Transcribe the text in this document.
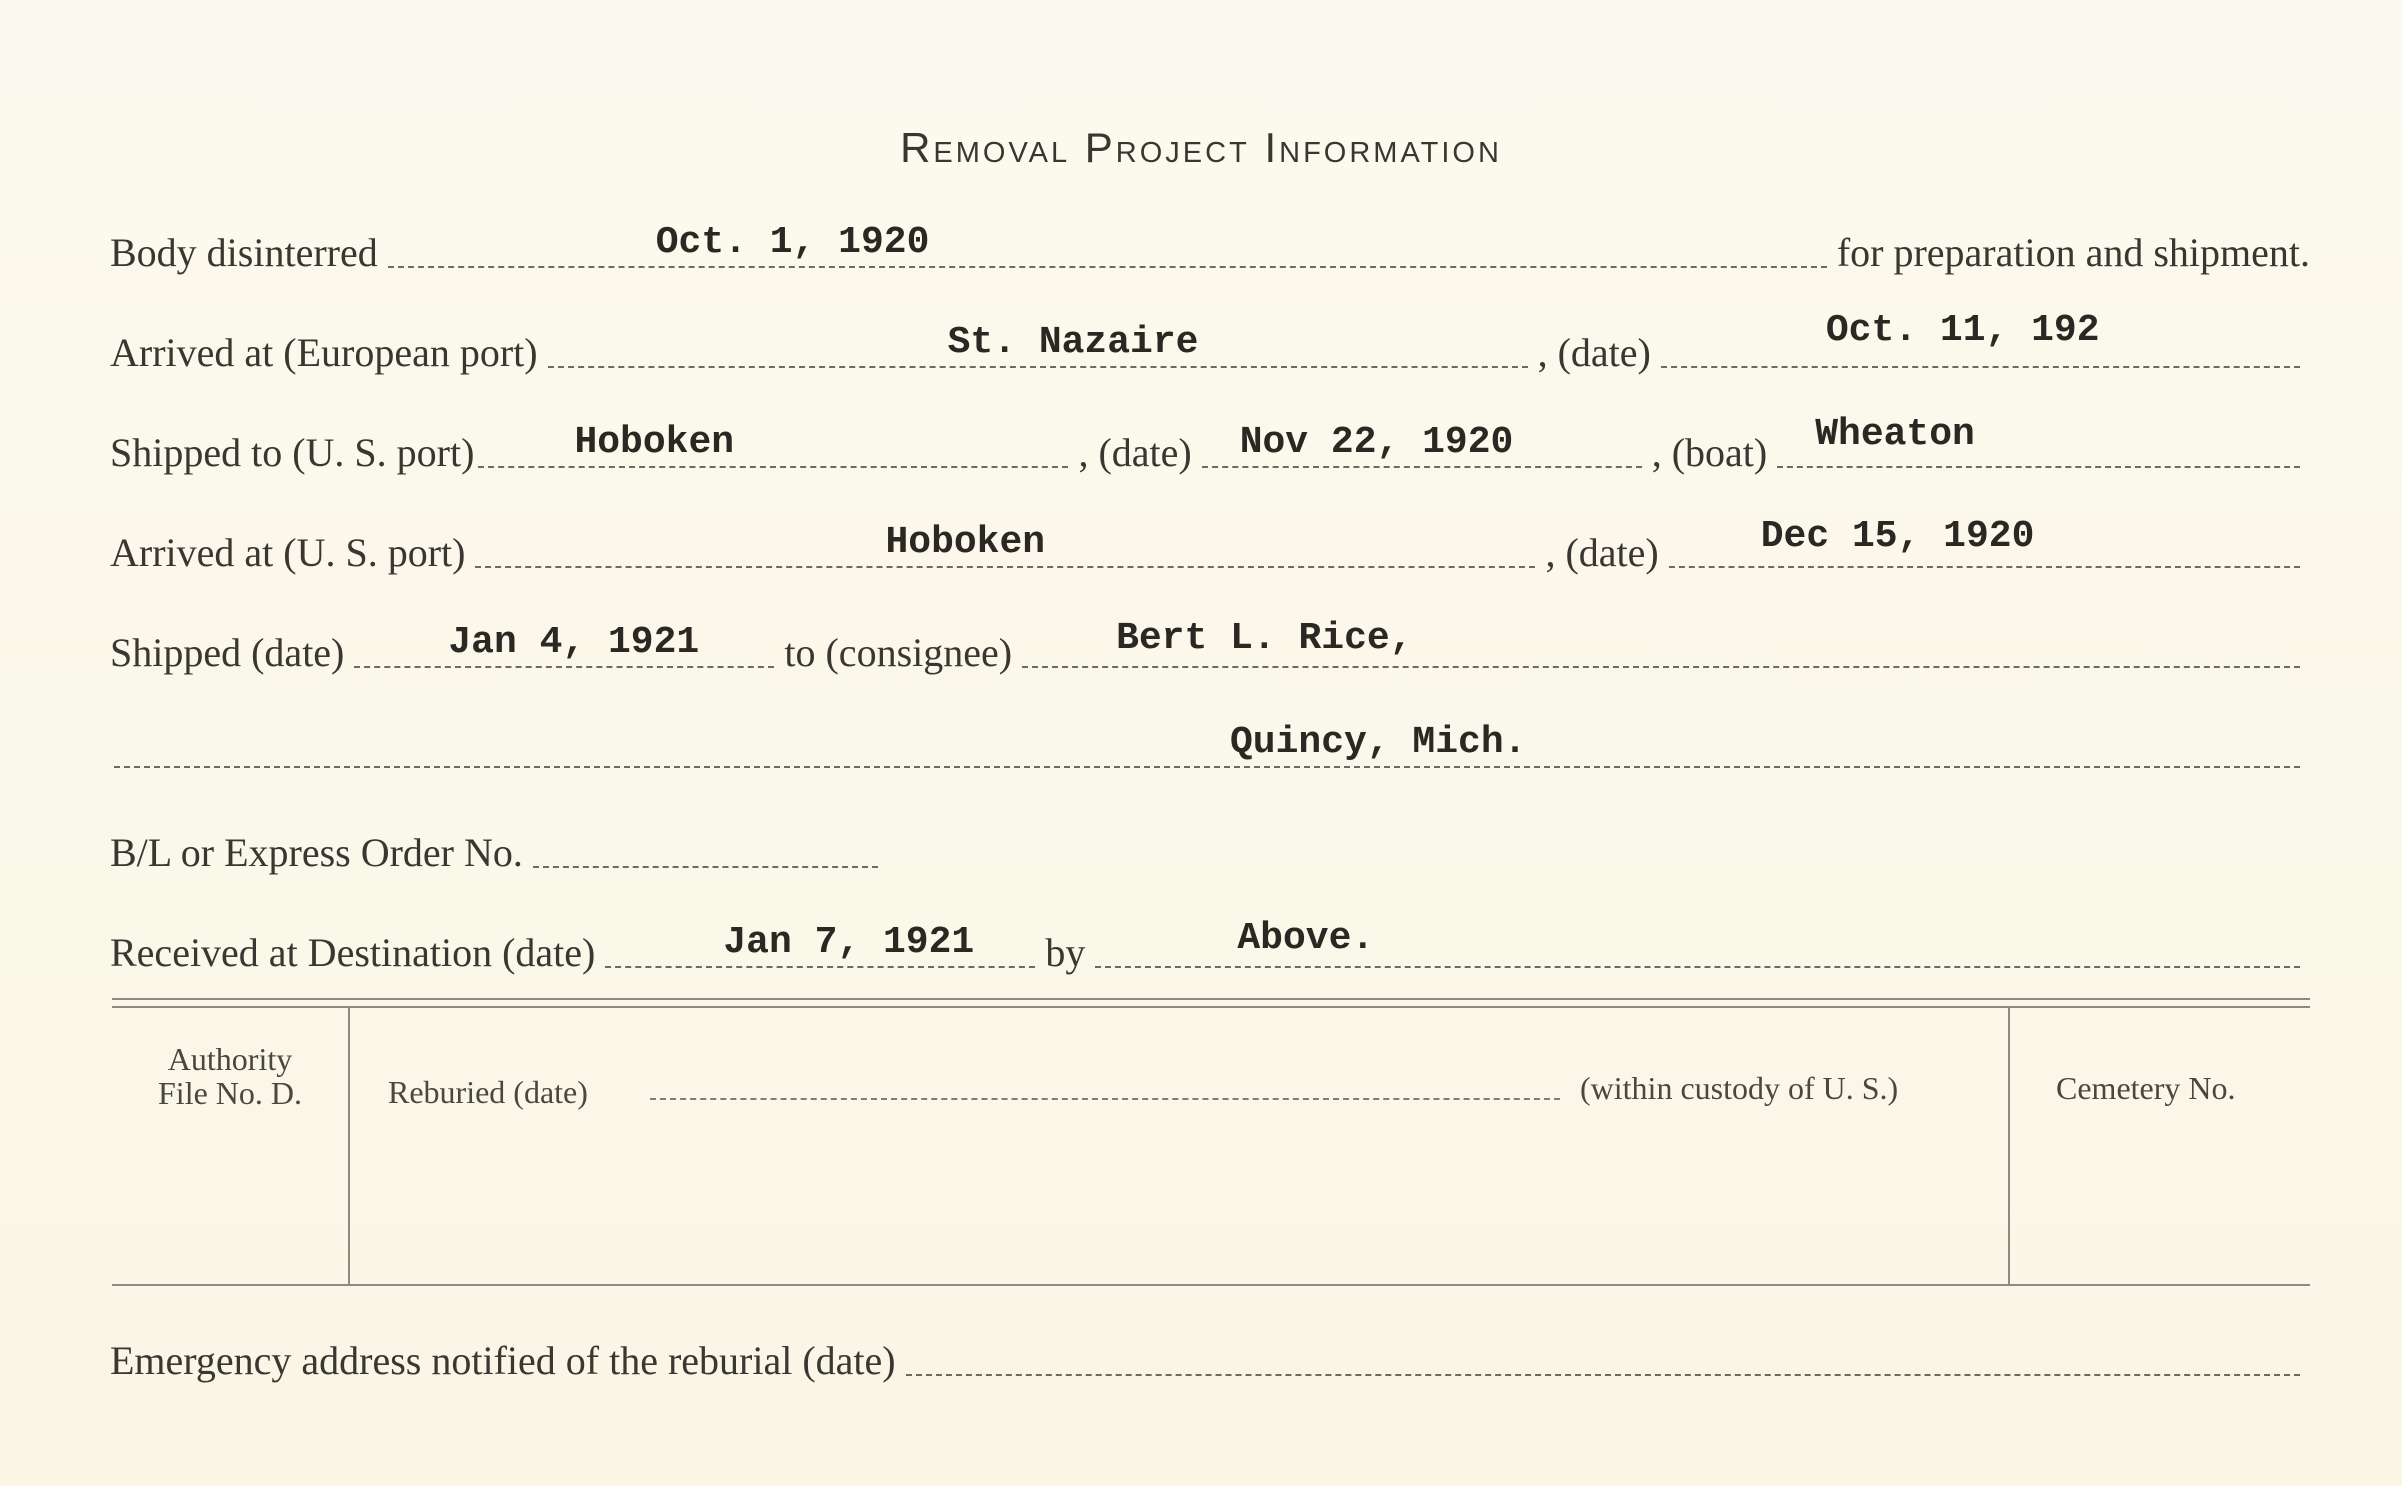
Removal Project Information
Body disinterred	Oct. 1, 1920	for preparation and shipment.
Arrived at (European port)	St. Nazaire	, (date)	Oct. 11, 192
Shipped to (U. S. port)	Hoboken	, (date) Nov 22, 1920	, (boat) Wheaton
Arrived at (U. S. port)	Hoboken	, (date)	Dec 15, 1920
Shipped (date)	Jan 4, 1921 to (consignee)	Bert L. Rice,
Quincy, Mich.
B/L or Express Order No.
Received at Destination (date)	Jan 7, 1921 by	Above.
Authority
File No. D.	Reburied (date)	(within custody of U. S.)	Cemetery No.
Emergency address notified of the reburial (date)
